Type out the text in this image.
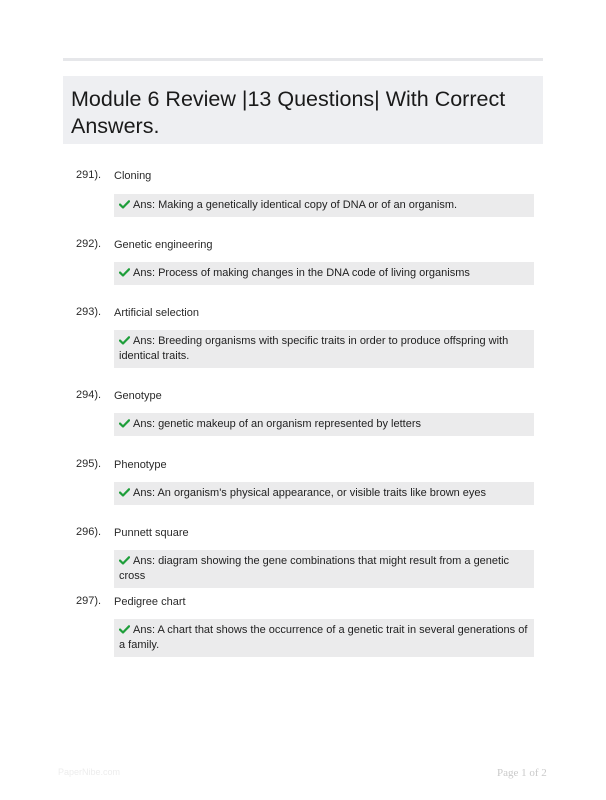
Module 6 Review |13 Questions| With Correct Answers.
291). Cloning
Ans: Making a genetically identical copy of DNA or of an organism.
292). Genetic engineering
Ans: Process of making changes in the DNA code of living organisms
293). Artificial selection
Ans: Breeding organisms with specific traits in order to produce offspring with identical traits.
294). Genotype
Ans: genetic makeup of an organism represented by letters
295). Phenotype
Ans: An organism's physical appearance, or visible traits like brown eyes
296). Punnett square
Ans: diagram showing the gene combinations that might result from a genetic cross
297). Pedigree chart
Ans: A chart that shows the occurrence of a genetic trait in several generations of a family.
PaperNibe.com	Page 1 of 2
